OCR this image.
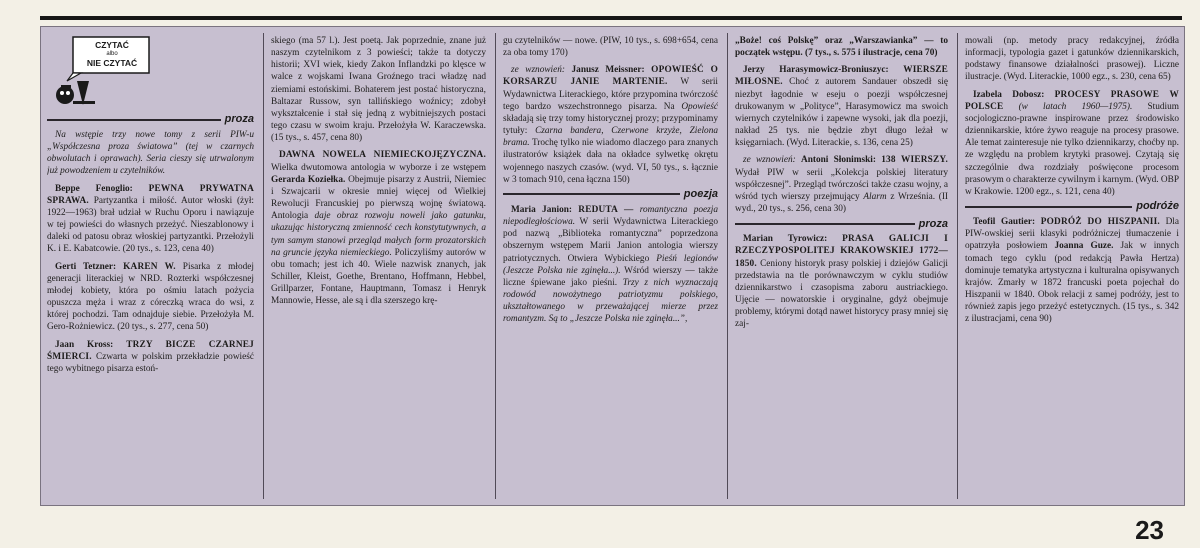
CZYTAĆ
albo
NIE CZYTAĆ
proza

Na wstępie trzy nowe tomy z serii PIW-u „Współczesna proza światowa” (tej w czarnych obwolutach i oprawach). Seria cieszy się utrwalonym już powodzeniem u czytelników.

Beppe Fenoglio: PEWNA PRYWATNA SPRAWA. Partyzantka i miłość. Autor włoski (żył: 1922—1963) brał udział w Ruchu Oporu i nawiązuje w tej powieści do własnych przeżyć. Nieszablonowy i daleki od patosu obraz włoskiej partyzantki. Przełożyli K. i E. Kabatcowie. (20 tys., s. 123, cena 40)

Gerti Tetzner: KAREN W. Pisarka z młodej generacji literackiej w NRD. Rozterki współczesnej młodej kobiety, która po ośmiu latach pożycia opuszcza męża i wraz z córeczką wraca do wsi, z której pochodzi. Tam odnajduje siebie. Przełożyła M. Gero-Rożniewicz. (20 tys., s. 277, cena 50)

Jaan Kross: TRZY BICZE CZARNEJ ŚMIERCI. Czwarta w polskim przekładzie powieść tego wybitnego pisarza estoń-

skiego (ma 57 l.). Jest poetą. Jak poprzednie, znane już naszym czytelnikom z 3 powieści; także ta dotyczy historii; XVI wiek, kiedy Zakon Inflandzki po klęsce w walce z wojskami Iwana Groźnego traci władzę nad ziemiami estońskimi. Bohaterem jest postać historyczna, Baltazar Russow, syn tallińskiego woźnicy; zdobył wykształcenie i stał się jedną z wybitniejszych postaci tego czasu w swoim kraju. Przełożyła W. Karaczewska. (15 tys., s. 457, cena 80)

DAWNA NOWELA NIEMIECKOJĘZYCZNA. Wielka dwutomowa antologia w wyborze i ze wstępem Gerarda Koziełka. Obejmuje pisarzy z Austrii, Niemiec i Szwajcarii w okresie mniej więcej od Wielkiej Rewolucji Francuskiej po pierwszą wojnę światową. Antologia daje obraz rozwoju noweli jako gatunku, ukazując historyczną zmienność cech konstytutywnych, a tym samym stanowi przegląd małych form prozatorskich na gruncie języka niemieckiego. Policzyliśmy autorów w obu tomach; jest ich 40. Wiele nazwisk znanych, jak Schiller, Kleist, Goethe, Brentano, Hoffmann, Hebbel, Grillparzer, Fontane, Hauptmann, Tomasz i Henryk Mannowie, Hesse, ale są i dla szerszego krę-

gu czytelników — nowe. (PIW, 10 tys., s. 698+654, cena za oba tomy 170)

ze wznowień: Janusz Meissner: OPOWIEŚĆ O KORSARZU JANIE MARTENIE. W serii Wydawnictwa Literackiego, które przypomina twórczość tego bardzo wszechstronnego pisarza. Na Opowieść składają się trzy tomy historycznej prozy; przypominamy tytuły: Czarna bandera, Czerwone krzyże, Zielona brama. Trochę tylko nie wiadomo dlaczego para znanych ilustratorów książek dała na okładce sylwetkę okrętu wojennego naszych czasów. (wyd. VI, 50 tys., s. łącznie w 3 tomach 910, cena łączna 150)

poezja

Maria Janion: REDUTA — romantyczna poezja niepodległościowa. W serii Wydawnictwa Literackiego pod nazwą „Biblioteka romantyczna” poprzedzona obszernym wstępem Marii Janion antologia wierszy patriotycznych. Otwiera Wybickiego Pieśń legionów (Jeszcze Polska nie zginęła...). Wśród wierszy — także liczne śpiewane jako pieśni. Trzy z nich wyznaczają rodowód nowożytnego patriotyzmu polskiego, ukształtowanego w przeważającej mierze przez romantyzm. Są to „Jeszcze Polska nie zginęła...”,

„Boże! coś Polskę” oraz „Warszawianka” — to początek wstępu. (7 tys., s. 575 i ilustracje, cena 70)

Jerzy Harasymowicz-Broniuszyc: WIERSZE MIŁOSNE. Choć z autorem Sandauer obszedł się niezbyt łagodnie w eseju o poezji współczesnej drukowanym w „Polityce”, Harasymowicz ma swoich wiernych czytelników i zapewne wysoki, jak dla poezji, nakład 25 tys. nie będzie zbyt długo leżał w księgarniach. (Wyd. Literackie, s. 136, cena 25)

ze wznowień: Antoni Słonimski: 138 WIERSZY. Wydał PIW w serii „Kolekcja polskiej literatury współczesnej”. Przegląd twórczości także czasu wojny, a wśród tych wierszy przejmujący Alarm z Września. (II wyd., 20 tys., s. 256, cena 30)

proza

Marian Tyrowicz: PRASA GALICJI I RZECZYPOSPOLITEJ KRAKOWSKIEJ 1772—1850. Ceniony historyk prasy polskiej i dziejów Galicji przedstawia na tle porównawczym w cyklu studiów dziennikarstwo i czasopisma zaboru austriackiego. Ujęcie — nowatorskie i oryginalne, gdyż obejmuje problemy, którymi dotąd nawet historycy prasy mniej się zaj-

mowali (np. metody pracy redakcyjnej, źródła informacji, typologia gazet i gatunków dziennikarskich, podstawy finansowe działalności prasowej). Liczne ilustracje. (Wyd. Literackie, 1000 egz., s. 230, cena 65)

Izabela Dobosz: PROCESY PRASOWE W POLSCE (w latach 1960—1975). Studium socjologiczno-prawne inspirowane przez środowisko dziennikarskie, które żywo reaguje na procesy prasowe. Ale temat zainteresuje nie tylko dziennikarzy, choćby np. ze względu na problem krytyki prasowej. Czytają się szczególnie dwa rozdziały poświęcone procesom prasowym o charakterze cywilnym i karnym. (Wyd. OBP w Krakowie. 1200 egz., s. 121, cena 40)

podróże

Teofil Gautier: PODRÓŻ DO HISZPANII. Dla PIW-owskiej serii klasyki podróżniczej tłumaczenie i opatrzyła posłowiem Joanna Guze. Jak w innych tomach tego cyklu (pod redakcją Pawła Hertza) dominuje tematyka artystyczna i kulturalna opisywanych krajów. Zmarły w 1872 francuski poeta pojechał do Hiszpanii w 1840. Obok relacji z samej podróży, jest to również zapis jego przeżyć estetycznych. (15 tys., s. 342 z ilustracjami, cena 90)

23
